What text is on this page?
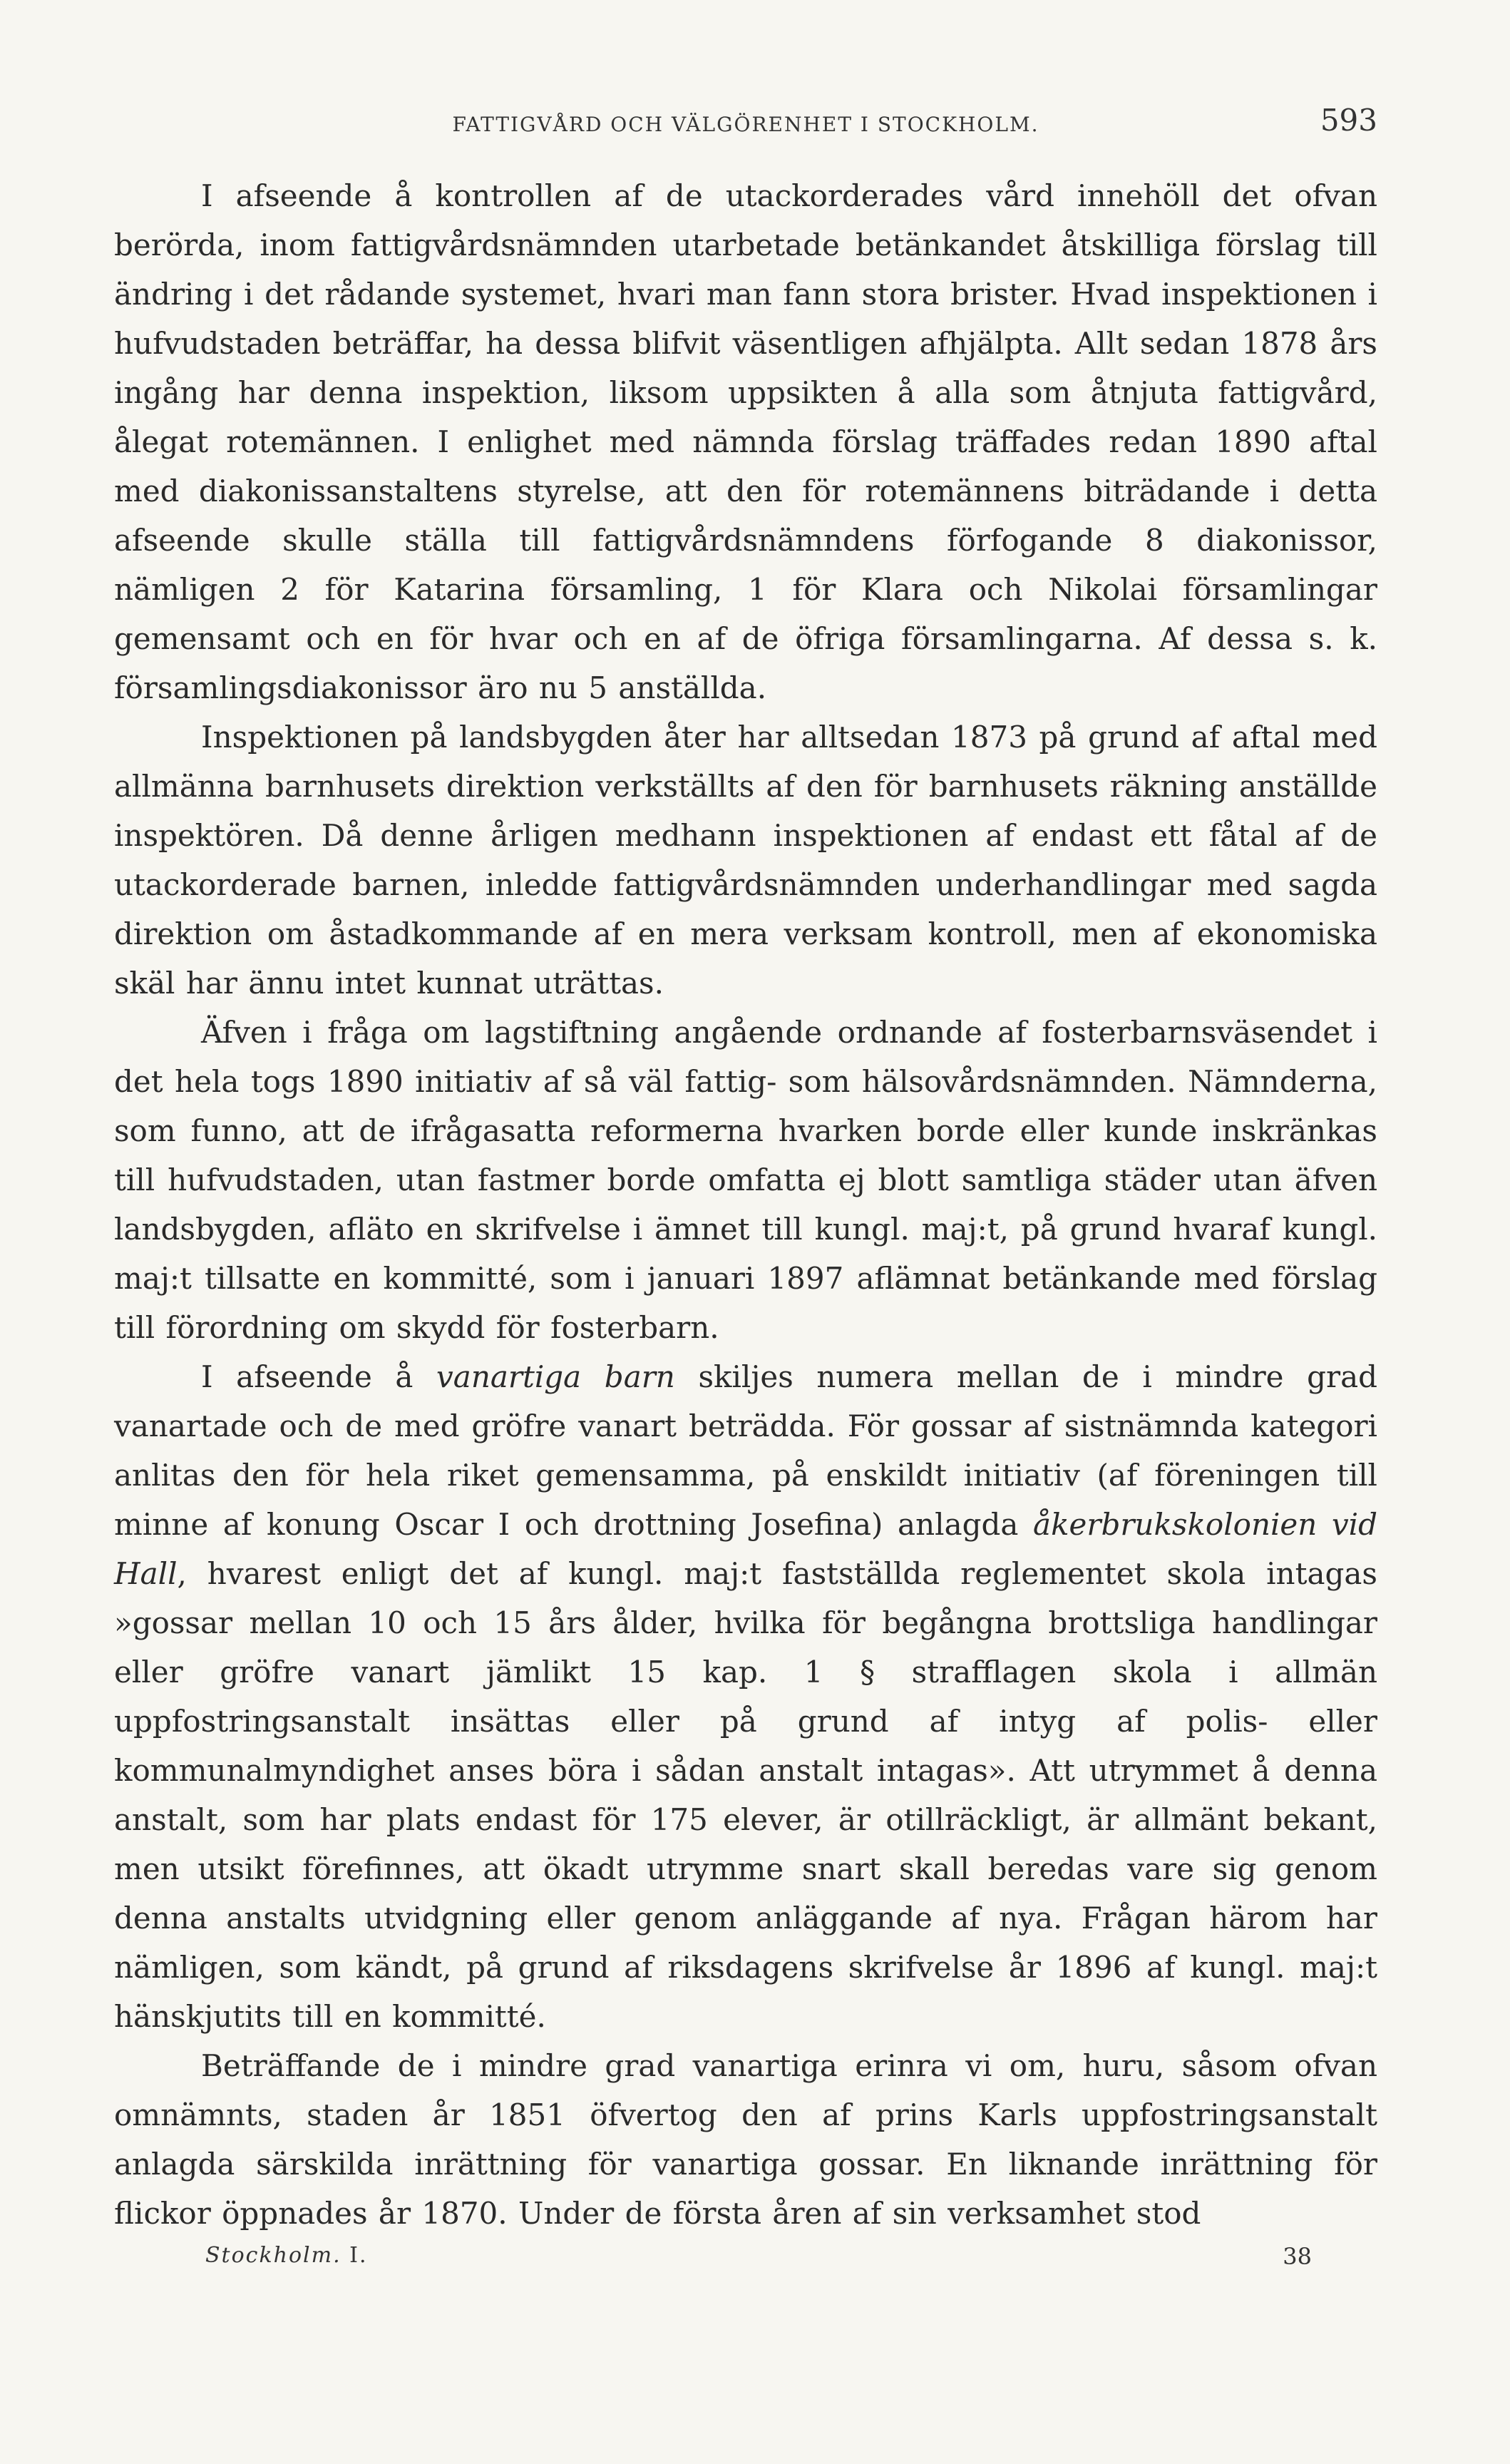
FATTIGVÅRD OCH VÄLGÖRENHET I STOCKHOLM.	593

I afseende å kontrollen af de utackorderades vård innehöll det ofvan berörda, inom fattigvårdsnämnden utarbetade betänkandet åtskilliga förslag till ändring i det rådande systemet, hvari man fann stora brister. Hvad inspektionen i hufvudstaden beträffar, ha dessa blifvit väsentligen afhjälpta. Allt sedan 1878 års ingång har denna inspektion, liksom uppsikten å alla som åtnjuta fattigvård, ålegat rotemännen. I enlighet med nämnda förslag träffades redan 1890 aftal med diakonissanstaltens styrelse, att den för rotemännens biträdande i detta afseende skulle ställa till fattigvårdsnämndens förfogande 8 diakonissor, nämligen 2 för Katarina församling, 1 för Klara och Nikolai församlingar gemensamt och en för hvar och en af de öfriga församlingarna. Af dessa s. k. församlingsdiakonissor äro nu 5 anställda.

Inspektionen på landsbygden åter har alltsedan 1873 på grund af aftal med allmänna barnhusets direktion verkställts af den för barnhusets räkning anställde inspektören. Då denne årligen medhann inspektionen af endast ett fåtal af de utackorderade barnen, inledde fattigvårdsnämnden underhandlingar med sagda direktion om åstadkommande af en mera verksam kontroll, men af ekonomiska skäl har ännu intet kunnat uträttas.

Äfven i fråga om lagstiftning angående ordnande af fosterbarnsväsendet i det hela togs 1890 initiativ af så väl fattig- som hälsovårdsnämnden. Nämnderna, som funno, att de ifrågasatta reformerna hvarken borde eller kunde inskränkas till hufvudstaden, utan fastmer borde omfatta ej blott samtliga städer utan äfven landsbygden, afläto en skrifvelse i ämnet till kungl. maj:t, på grund hvaraf kungl. maj:t tillsatte en kommitté, som i januari 1897 aflämnat betänkande med förslag till förordning om skydd för fosterbarn.

I afseende å vanartiga barn skiljes numera mellan de i mindre grad vanartade och de med gröfre vanart beträdda. För gossar af sistnämnda kategori anlitas den för hela riket gemensamma, på enskildt initiativ (af föreningen till minne af konung Oscar I och drottning Josefina) anlagda åkerbrukskolonien vid Hall, hvarest enligt det af kungl. maj:t fastställda reglementet skola intagas »gossar mellan 10 och 15 års ålder, hvilka för begångna brottsliga handlingar eller gröfre vanart jämlikt 15 kap. 1 § strafflagen skola i allmän uppfostringsanstalt insättas eller på grund af intyg af polis- eller kommunalmyndighet anses böra i sådan anstalt intagas». Att utrymmet å denna anstalt, som har plats endast för 175 elever, är otillräckligt, är allmänt bekant, men utsikt förefinnes, att ökadt utrymme snart skall beredas vare sig genom denna anstalts utvidgning eller genom anläggande af nya. Frågan härom har nämligen, som kändt, på grund af riksdagens skrifvelse år 1896 af kungl. maj:t hänskjutits till en kommitté.

Beträffande de i mindre grad vanartiga erinra vi om, huru, såsom ofvan omnämnts, staden år 1851 öfvertog den af prins Karls uppfostringsanstalt anlagda särskilda inrättning för vanartiga gossar. En liknande inrättning för flickor öppnades år 1870. Under de första åren af sin verksamhet stod

Stockholm. I.	38
